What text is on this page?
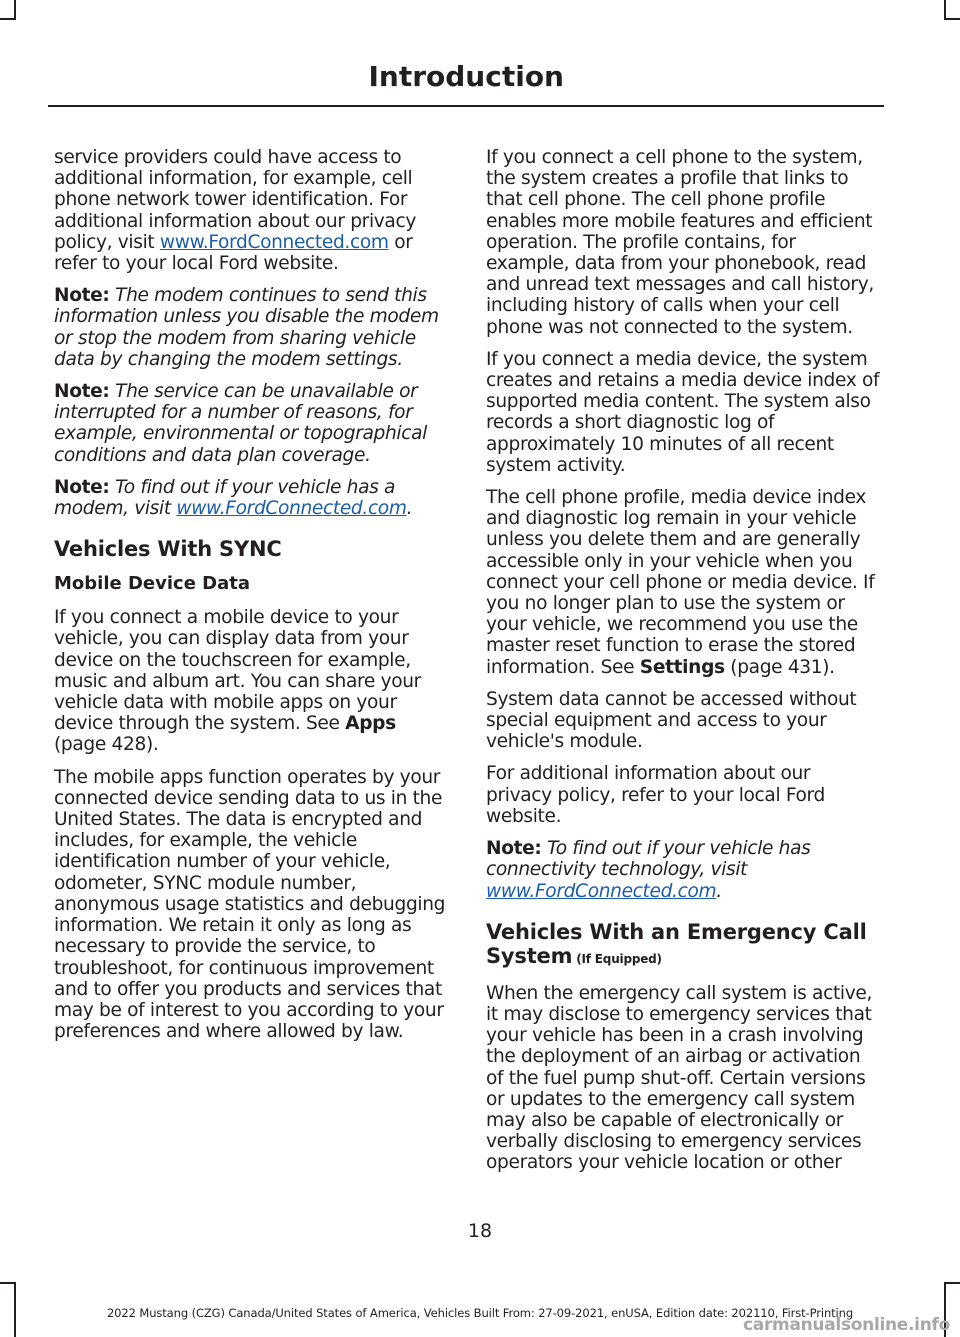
Introduction

service providers could have access to additional information, for example, cell phone network tower identification. For additional information about our privacy policy, visit www.FordConnected.com or refer to your local Ford website.

Note: The modem continues to send this information unless you disable the modem or stop the modem from sharing vehicle data by changing the modem settings.

Note: The service can be unavailable or interrupted for a number of reasons, for example, environmental or topographical conditions and data plan coverage.

Note: To find out if your vehicle has a modem, visit www.FordConnected.com.

Vehicles With SYNC
Mobile Device Data

If you connect a mobile device to your vehicle, you can display data from your device on the touchscreen for example, music and album art. You can share your vehicle data with mobile apps on your device through the system. See Apps (page 428).

The mobile apps function operates by your connected device sending data to us in the United States. The data is encrypted and includes, for example, the vehicle identification number of your vehicle, odometer, SYNC module number, anonymous usage statistics and debugging information. We retain it only as long as necessary to provide the service, to troubleshoot, for continuous improvement and to offer you products and services that may be of interest to you according to your preferences and where allowed by law.

If you connect a cell phone to the system, the system creates a profile that links to that cell phone. The cell phone profile enables more mobile features and efficient operation. The profile contains, for example, data from your phonebook, read and unread text messages and call history, including history of calls when your cell phone was not connected to the system.

If you connect a media device, the system creates and retains a media device index of supported media content. The system also records a short diagnostic log of approximately 10 minutes of all recent system activity.

The cell phone profile, media device index and diagnostic log remain in your vehicle unless you delete them and are generally accessible only in your vehicle when you connect your cell phone or media device. If you no longer plan to use the system or your vehicle, we recommend you use the master reset function to erase the stored information. See Settings (page 431).

System data cannot be accessed without special equipment and access to your vehicle's module.

For additional information about our privacy policy, refer to your local Ford website.

Note: To find out if your vehicle has connectivity technology, visit www.FordConnected.com.

Vehicles With an Emergency Call System (If Equipped)

When the emergency call system is active, it may disclose to emergency services that your vehicle has been in a crash involving the deployment of an airbag or activation of the fuel pump shut-off. Certain versions or updates to the emergency call system may also be capable of electronically or verbally disclosing to emergency services operators your vehicle location or other

18
2022 Mustang (CZG) Canada/United States of America, Vehicles Built From: 27-09-2021, enUSA, Edition date: 202110, First-Printing
carmanualsonline.info
